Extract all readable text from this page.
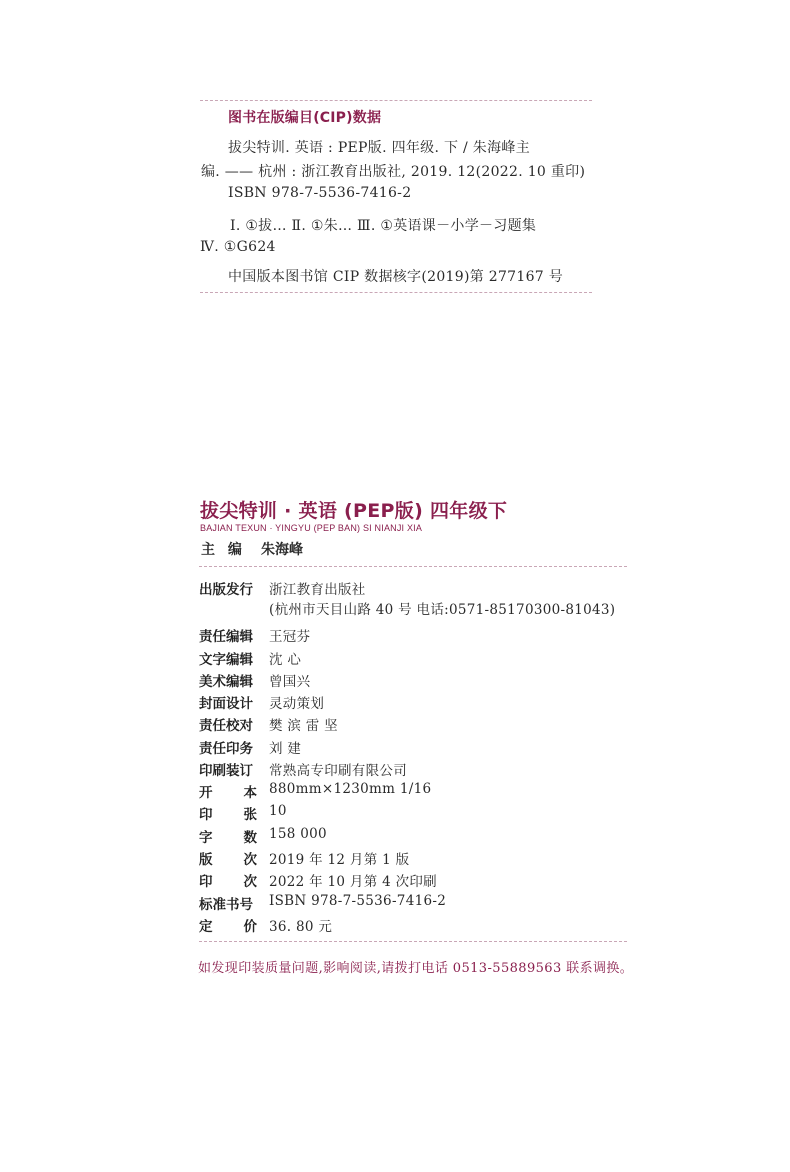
图书在版编目(CIP)数据
拔尖特训. 英语 : PEP版. 四年级. 下 / 朱海峰主
编. —— 杭州 : 浙江教育出版社, 2019. 12(2022. 10 重印)
ISBN 978-7-5536-7416-2
Ⅰ. ①拔… Ⅱ. ①朱… Ⅲ. ①英语课－小学－习题集
Ⅳ. ①G624
中国版本图书馆 CIP 数据核字(2019)第 277167 号
拔尖特训 · 英语 (PEP版) 四年级下
BAJIAN TEXUN · YINGYU (PEP BAN) SI NIANJI XIA
主 编 朱海峰
出版发行 浙江教育出版社
责任编辑 王冠芬
文字编辑 沈 心
美术编辑 曾国兴
封面设计 灵动策划
责任校对 樊 滨 雷 坚
责任印务 刘 建
印刷装订 常熟高专印刷有限公司
开 本 880mm×1230mm 1/16
印 张 10
字 数 158 000
版 次 2019 年 12 月第 1 版
印 次 2022 年 10 月第 4 次印刷
标准书号 ISBN 978-7-5536-7416-2
定 价 36. 80 元
(杭州市天目山路 40 号 电话:0571-85170300-81043)
如发现印装质量问题,影响阅读,请拨打电话 0513-55889563 联系调换。
